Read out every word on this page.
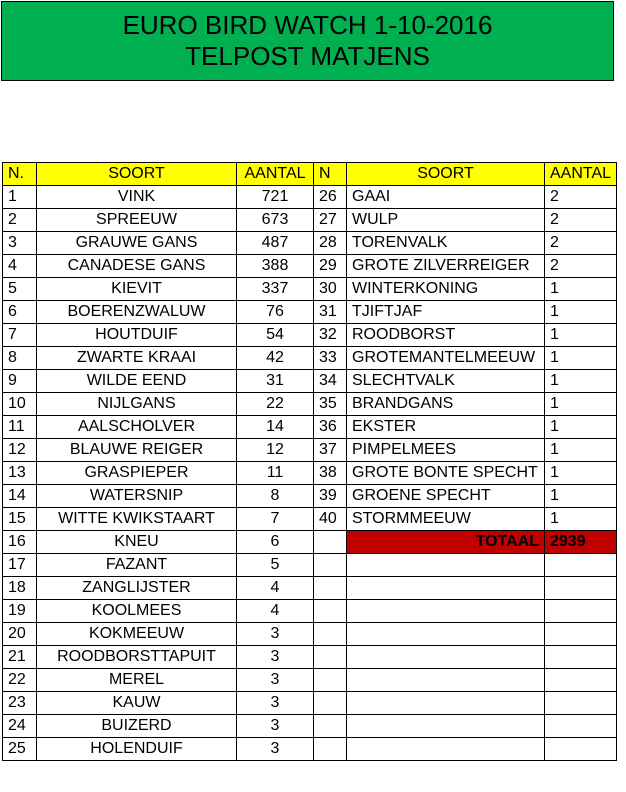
EURO BIRD WATCH 1-10-2016
TELPOST MATJENS
N.	SOORT	AANTAL	N	SOORT	AANTAL
1	VINK	721	26	GAAI	2
2	SPREEUW	673	27	WULP	2
3	GRAUWE GANS	487	28	TORENVALK	2
4	CANADESE GANS	388	29	GROTE ZILVERREIGER	2
5	KIEVIT	337	30	WINTERKONING	1
6	BOERENZWALUW	76	31	TJIFTJAF	1
7	HOUTDUIF	54	32	ROODBORST	1
8	ZWARTE KRAAI	42	33	GROTEMANTELMEEUW	1
9	WILDE EEND	31	34	SLECHTVALK	1
10	NIJLGANS	22	35	BRANDGANS	1
11	AALSCHOLVER	14	36	EKSTER	1
12	BLAUWE REIGER	12	37	PIMPELMEES	1
13	GRASPIEPER	11	38	GROTE BONTE SPECHT	1
14	WATERSNIP	8	39	GROENE SPECHT	1
15	WITTE KWIKSTAART	7	40	STORMMEEUW	1
16	KNEU	6		TOTAAL	2939
17	FAZANT	5			
18	ZANGLIJSTER	4			
19	KOOLMEES	4			
20	KOKMEEUW	3			
21	ROODBORSTTAPUIT	3			
22	MEREL	3			
23	KAUW	3			
24	BUIZERD	3			
25	HOLENDUIF	3			
